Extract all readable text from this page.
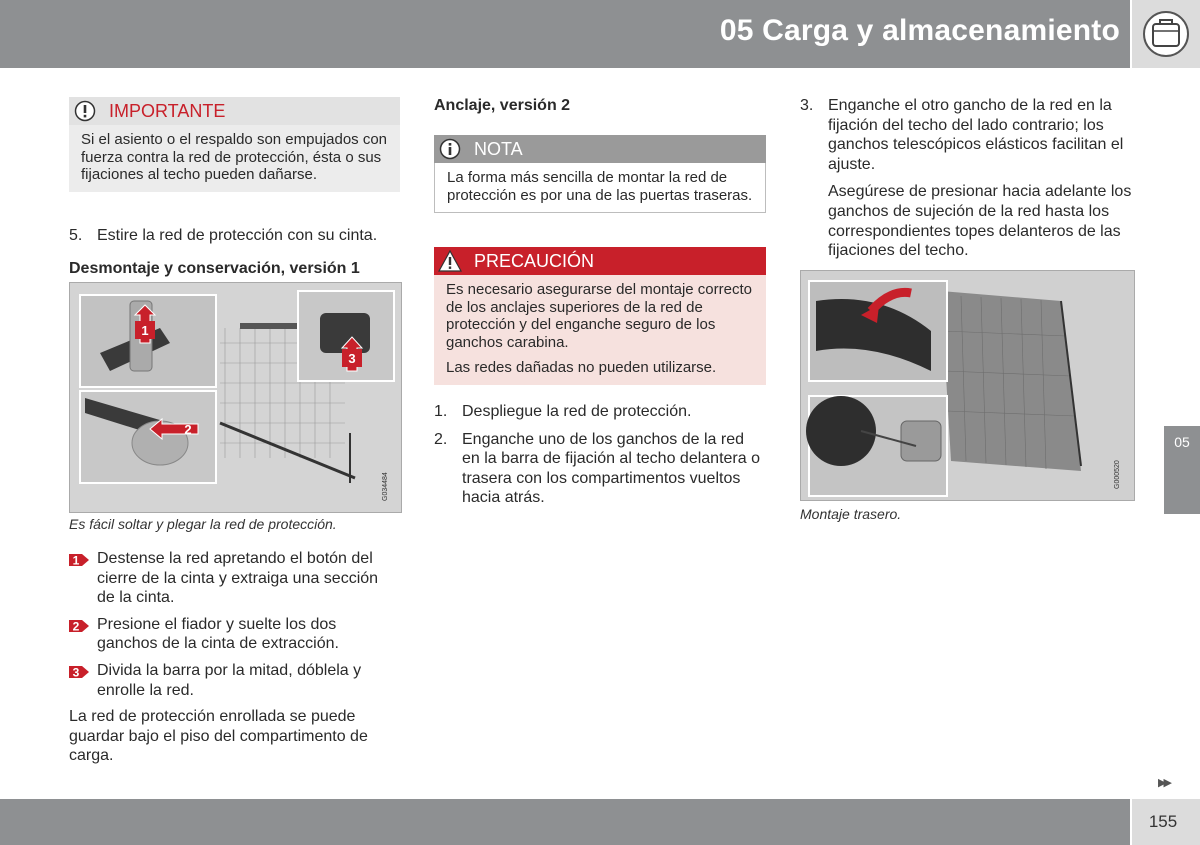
05 Carga y almacenamiento
IMPORTANTE
Si el asiento o el respaldo son empujados con fuerza contra la red de protección, ésta o sus fijaciones al techo pueden dañarse.
5. Estire la red de protección con su cinta.
Desmontaje y conservación, versión 1
1
2
3
G034484
Es fácil soltar y plegar la red de protección.
1 Destense la red apretando el botón del cierre de la cinta y extraiga una sección de la cinta.
2 Presione el fiador y suelte los dos ganchos de la cinta de extracción.
3 Divida la barra por la mitad, dóblela y enrolle la red.
La red de protección enrollada se puede guardar bajo el piso del compartimento de carga.
Anclaje, versión 2
NOTA
La forma más sencilla de montar la red de protección es por una de las puertas traseras.
PRECAUCIÓN

Es necesario asegurarse del montaje correcto de los anclajes superiores de la red de protección y del enganche seguro de los ganchos carabina.

Las redes dañadas no pueden utilizarse.

1. Despliegue la red de protección.
2. Enganche uno de los ganchos de la red en la barra de fijación al techo delantera o trasera con los compartimentos vueltos hacia atrás.
3. Enganche el otro gancho de la red en la fijación del techo del lado contrario; los ganchos telescópicos elásticos facilitan el ajuste.
Asegúrese de presionar hacia adelante los ganchos de sujeción de la red hasta los correspondientes topes delanteros de las fijaciones del techo.
G000520
Montaje trasero.
05
▶▶
155
